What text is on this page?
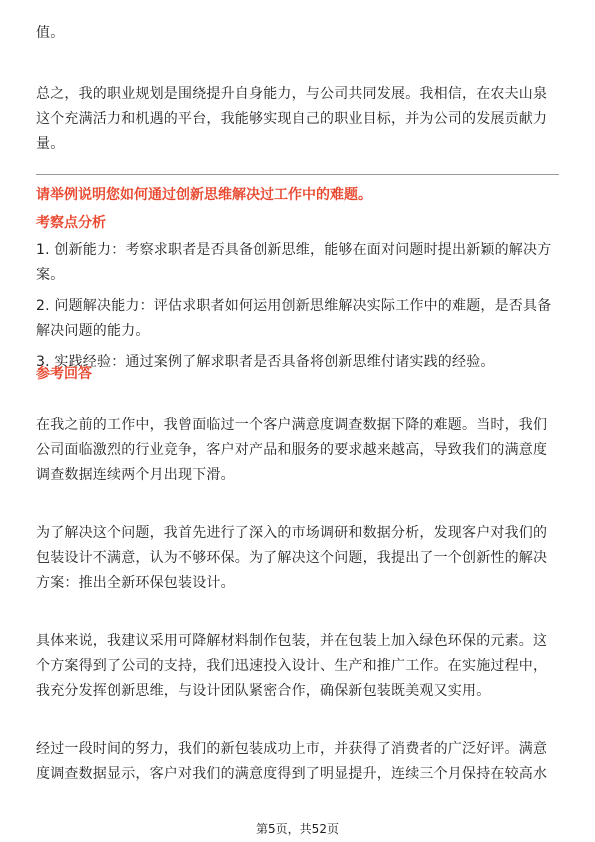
值。

总之，我的职业规划是围绕提升自身能力，与公司共同发展。我相信，在农夫山泉这个充满活力和机遇的平台，我能够实现自己的职业目标，并为公司的发展贡献力量。

请举例说明您如何通过创新思维解决过工作中的难题。
考察点分析

1. 创新能力：考察求职者是否具备创新思维，能够在面对问题时提出新颖的解决方案。

2. 问题解决能力：评估求职者如何运用创新思维解决实际工作中的难题，是否具备解决问题的能力。

3. 实践经验：通过案例了解求职者是否具备将创新思维付诸实践的经验。

参考回答

在我之前的工作中，我曾面临过一个客户满意度调查数据下降的难题。当时，我们公司面临激烈的行业竞争，客户对产品和服务的要求越来越高，导致我们的满意度调查数据连续两个月出现下滑。

为了解决这个问题，我首先进行了深入的市场调研和数据分析，发现客户对我们的包装设计不满意，认为不够环保。为了解决这个问题，我提出了一个创新性的解决方案：推出全新环保包装设计。

具体来说，我建议采用可降解材料制作包装，并在包装上加入绿色环保的元素。这个方案得到了公司的支持，我们迅速投入设计、生产和推广工作。在实施过程中，我充分发挥创新思维，与设计团队紧密合作，确保新包装既美观又实用。

经过一段时间的努力，我们的新包装成功上市，并获得了消费者的广泛好评。满意度调查数据显示，客户对我们的满意度得到了明显提升，连续三个月保持在较高水

第5页，共52页
